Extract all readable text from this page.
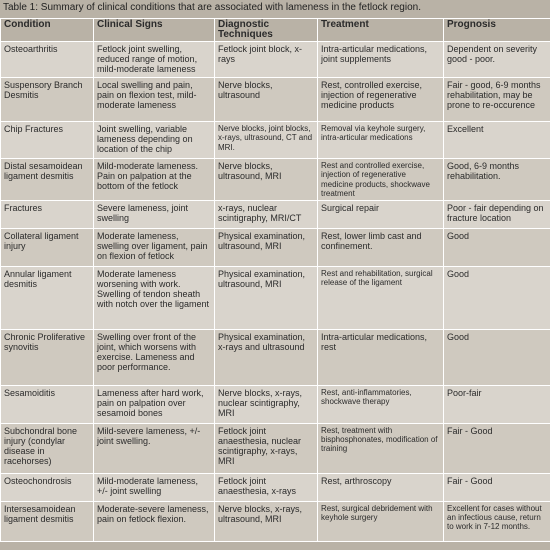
Table 1: Summary of clinical conditions that are associated with lameness in the fetlock region.
Condition	Clinical Signs	Diagnostic Techniques	Treatment	Prognosis
Osteoarthritis	Fetlock joint swelling, reduced range of motion, mild-moderate lameness	Fetlock joint block, x-rays	Intra-articular medications, joint supplements	Dependent on severity good - poor.
Suspensory Branch Desmitis	Local swelling and pain, pain on flexion test, mild-moderate lameness	Nerve blocks, ultrasound	Rest, controlled exercise, injection of regenerative medicine products	Fair - good, 6-9 months rehabilitation, may be prone to re-occurence
Chip Fractures	Joint swelling, variable lameness depending on location of the chip	Nerve blocks, joint blocks, x-rays, ultrasound, CT and MRI.	Removal via keyhole surgery, intra-articular medications	Excellent
Distal sesamoidean ligament desmitis	Mild-moderate lameness. Pain on palpation at the bottom of the fetlock	Nerve blocks, ultrasound, MRI	Rest and controlled exercise, injection of regenerative medicine products, shockwave treatment	Good, 6-9 months rehabilitation.
Fractures	Severe lameness, joint swelling	x-rays, nuclear scintigraphy, MRI/CT	Surgical repair	Poor - fair depending on fracture location
Collateral ligament injury	Moderate lameness, swelling over ligament, pain on flexion of fetlock	Physical examination, ultrasound, MRI	Rest, lower limb cast and confinement.	Good
Annular ligament desmitis	Moderate lameness worsening with work. Swelling of tendon sheath with notch over the ligament	Physical examination, ultrasound, MRI	Rest and rehabilitation, surgical release of the ligament	Good
Chronic Proliferative synovitis	Swelling over front of the joint, which worsens with exercise. Lameness and poor performance.	Physical examination, x-rays and ultrasound	Intra-articular medications, rest	Good
Sesamoiditis	Lameness after hard work, pain on palpation over sesamoid bones	Nerve blocks, x-rays, nuclear scintigraphy, MRI	Rest, anti-inflammatories, shockwave therapy	Poor-fair
Subchondral bone injury (condylar disease in racehorses)	Mild-severe lameness, +/- joint swelling.	Fetlock joint anaesthesia, nuclear scintigraphy, x-rays, MRI	Rest, treatment with bisphosphonates, modification of training	Fair - Good
Osteochondrosis	Mild-moderate lameness, +/- joint swelling	Fetlock joint anaesthesia, x-rays	Rest, arthroscopy	Fair - Good
Intersesamoidean ligament desmitis	Moderate-severe lameness, pain on fetlock flexion.	Nerve blocks, x-rays, ultrasound, MRI	Rest, surgical debridement with keyhole surgery	Excellent for cases without an infectious cause, return to work in 7-12 months.
